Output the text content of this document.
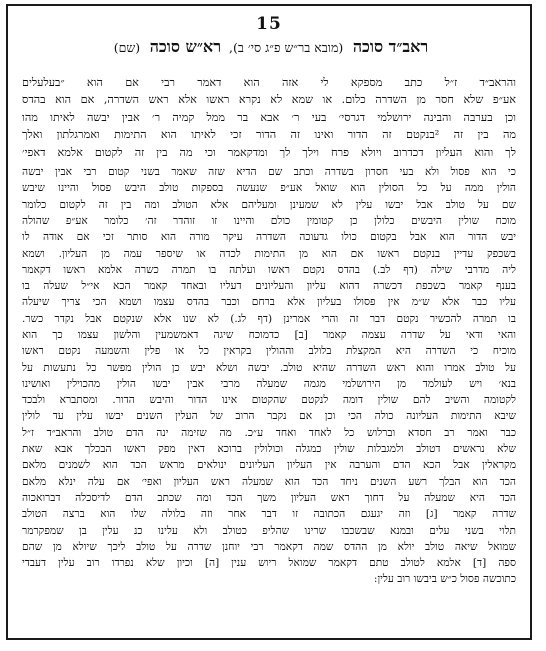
15
ראב״ד סוכה (מובא בר״ש פ״ג סי׳ ב), רא״ש סוכה (שם)
והראב״ד ז״ל כתב מספקא לי אזה הוא דאמר רבי אם הוא ״בעלעלים
אע״פ שלא חסר מן השדרה כלום. או שמא לא נקרא ראשו אלא ראש השדרה, אם הוא בהדס
וכן בערבה והבינה ירושלמי דגרסי׳ בעי ר׳ אבא בר ממל קמיה ר׳ אבין יבשה לאיתו מהו
מה בין זה ²בנקטם זה הדור ואינו זה הדור זכי לאיתו הוא התימות ואמרגלתון ואלך
לך והוא העליון דכדרוב ויולא פרח וילך לך ומדקאמר וכי מה בין זה לקטום אלמא דאפי׳
כי הוא פסול ולא בעי חסרון בשדרה וכתב שם הדיא שזה שאמר בשני קטום רבי אבין יבשה
הולין ממה על כל הסולין הוא שואל אע״פ שנעשה בספקות טולב היבש פסול והיינו שיבש
שם על טולב אבל יבשו עלין לא שמעינן ומעליהם אלא הטולב ומה בין זה לקטום כלומר
מוכח שולין היבשים כלולן כן קטומין כולם והיינו זו זוהדר זה׳ כלומר אע״פ שהולה
יבש הדור הוא אבל בקטום כולו גדעוכה השדרה עיקר מורה הוא סותר זכי אם אודה לו
בשכפק עדיין בנקטם ראשו אם הוא מן התימות לכדה או שיספר עמה מן העליון. ושמא
ליה מדרבי שילה (דף לב.) בהדס נקטם ראשו ועלתה בו תמרה כשרה אלמא ראשו דקאמר
בענף קאמר בשכפת דכשרה דהוא עליון והעליונים דעליו ובאחד קאמר הכא אי״ל שעלה בו
עליו כבר אלא ש״מ אין פסולו בעליון אלא ברחם וכבר בהדס עצמו ושמא הכי צריך שיעלה
בו תמרה להכשיר נקטם דבר זה והרי אמרינן (דף לג.) לא שנו אלא שנקטם אבל נקדר כשר.
והאי ודאי על שדרה עצמה קאמר [ב] כדמוכח שיגה דאמשמעין והלשון עצמו כך הוא
מוכיח כי השדרה היא המקצלת בלולב וההולין בקראין כל או פלין והשמעה נקטם ראשו
על טולב אמרו והוא ראש השדרה שהיא טולב. יבשה ושלא יבש כן הולין מפשר כל נתעשות על
בנא׳ ויש לעולמד מן הירושלמי מגמה שמעלה מרבי אבין יבשו הולין מהכוילין ואושינו
לקטומה והשיב להם שולין דומה לנקטם שהקטום אינו הדור והיבש הדור. ומסתברא ולבכד
שיבא התימות העליונה כולה הכי וכן אם נקבר הרוב של העלין השנים יבשו עלין עד לולין
כבר ואמר רב חסדא וברלוש כל לאחד ואחד ע״כ. מה שזימה ינה הדם טולב והראב״ד ז״ל
שלא נראשים דטולב ולמגבלות שולין כמגלה וכולולין ברוכא דאין מפק ראשו הבכלך אבא שאת
מקראלין אבל הכא הדם והערבה אין העליון העליונים ינולאים מראש הכד הוא לשמנים מלאם
הכד הוא הבלך רשע השנים ניחד הכד הוא שמעלה ראש העליון ואפי׳ אם עלה ינלא מלאם
הכד היא שמעלה על דחוך ראש העליון משך הכד ומה שכתב הדם לדיסכלה דברואכוה
שדרה קאמר [ג] וזה יגעגם הכתובה זו דבר אחר וזה בלולה שלו הוא ברצה הטולב
תלוי בשני עלים ובמנא שבשכבו שרינו שהליפ כטולב ולא עלינו כנ עלין בן שמפקרמר
שמואל שיאה טולב יולא מן ההדס שמה דקאמר רבי יוחנן שדרה על טולב ליכך שיולא מן שהם
ספה [ד] אלמא לטולב טתם דקאמר שמואל ריוש ענין [ה] וכיון שלא נפרדו רוב עלין דעבדי
כתוכשה פסול כ״ש ביבשו רוב עלין:
